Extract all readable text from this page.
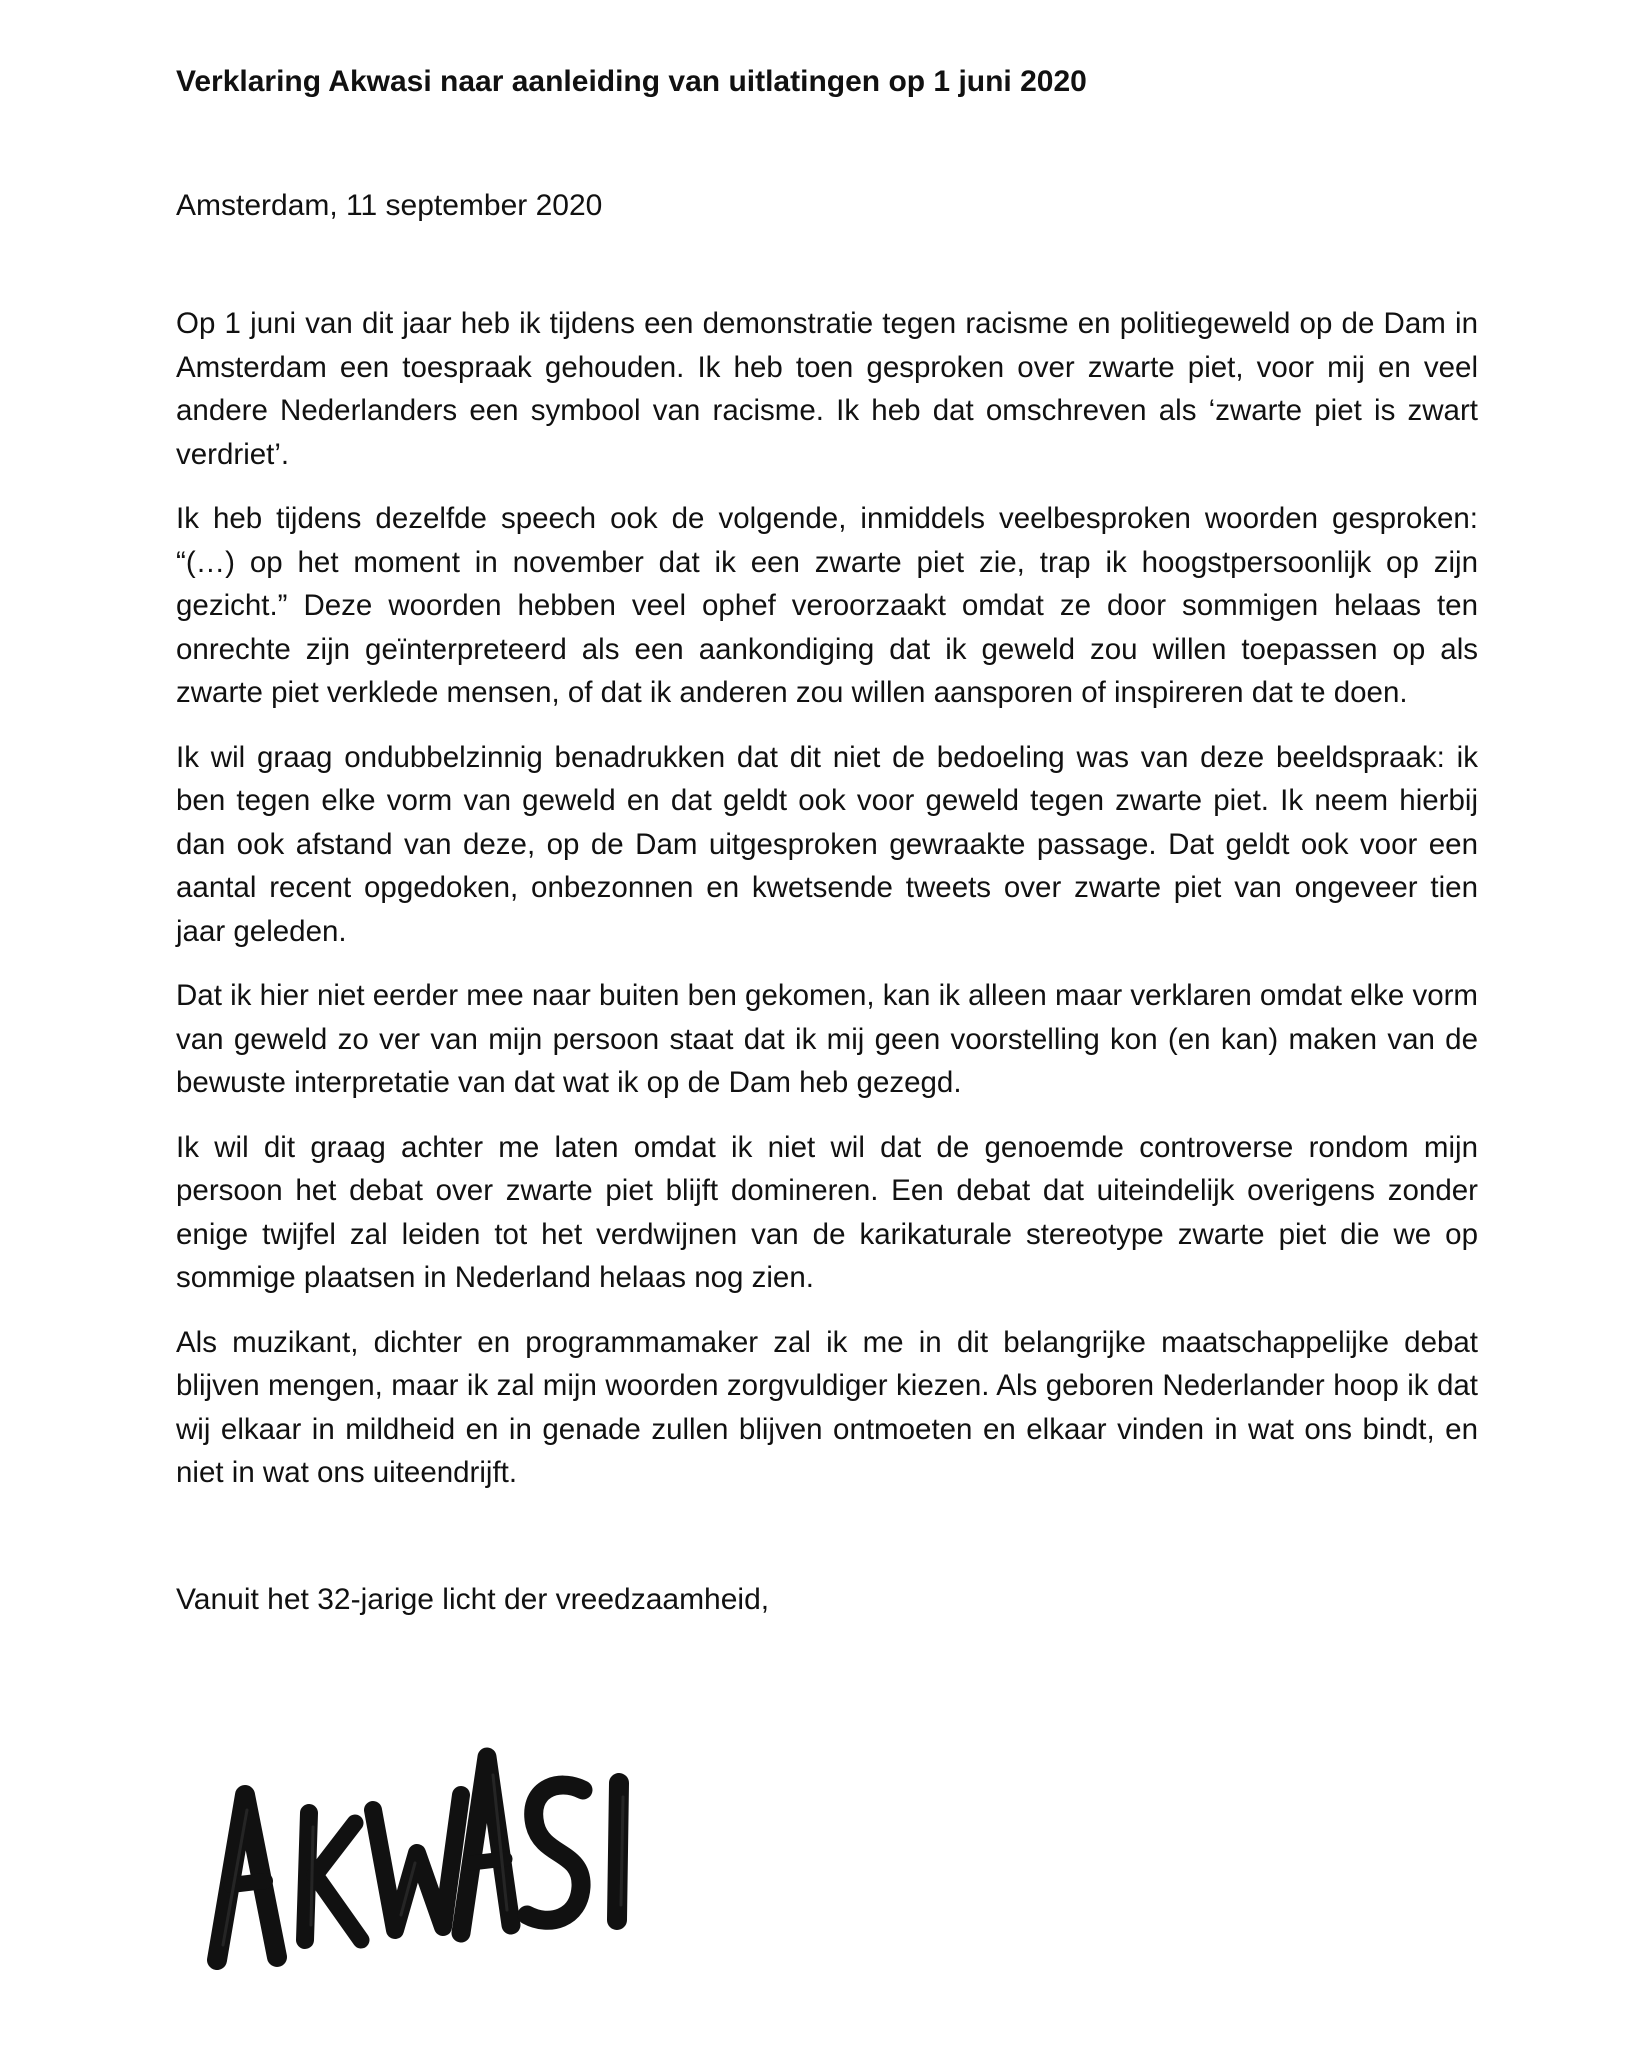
Verklaring Akwasi naar aanleiding van uitlatingen op 1 juni 2020

Amsterdam, 11 september 2020

Op 1 juni van dit jaar heb ik tijdens een demonstratie tegen racisme en politiegeweld op de Dam in Amsterdam een toespraak gehouden. Ik heb toen gesproken over zwarte piet, voor mij en veel andere Nederlanders een symbool van racisme. Ik heb dat omschreven als ‘zwarte piet is zwart verdriet’.

Ik heb tijdens dezelfde speech ook de volgende, inmiddels veelbesproken woorden gesproken: “(…) op het moment in november dat ik een zwarte piet zie, trap ik hoogstpersoonlijk op zijn gezicht.” Deze woorden hebben veel ophef veroorzaakt omdat ze door sommigen helaas ten onrechte zijn geïnterpreteerd als een aankondiging dat ik geweld zou willen toepassen op als zwarte piet verklede mensen, of dat ik anderen zou willen aansporen of inspireren dat te doen.

Ik wil graag ondubbelzinnig benadrukken dat dit niet de bedoeling was van deze beeldspraak: ik ben tegen elke vorm van geweld en dat geldt ook voor geweld tegen zwarte piet. Ik neem hierbij dan ook afstand van deze, op de Dam uitgesproken gewraakte passage. Dat geldt ook voor een aantal recent opgedoken, onbezonnen en kwetsende tweets over zwarte piet van ongeveer tien jaar geleden.

Dat ik hier niet eerder mee naar buiten ben gekomen, kan ik alleen maar verklaren omdat elke vorm van geweld zo ver van mijn persoon staat dat ik mij geen voorstelling kon (en kan) maken van de bewuste interpretatie van dat wat ik op de Dam heb gezegd.

Ik wil dit graag achter me laten omdat ik niet wil dat de genoemde controverse rondom mijn persoon het debat over zwarte piet blijft domineren. Een debat dat uiteindelijk overigens zonder enige twijfel zal leiden tot het verdwijnen van de karikaturale stereotype zwarte piet die we op sommige plaatsen in Nederland helaas nog zien.

Als muzikant, dichter en programmamaker zal ik me in dit belangrijke maatschappelijke debat blijven mengen, maar ik zal mijn woorden zorgvuldiger kiezen. Als geboren Nederlander hoop ik dat wij elkaar in mildheid en in genade zullen blijven ontmoeten en elkaar vinden in wat ons bindt, en niet in wat ons uiteendrijft.

Vanuit het 32-jarige licht der vreedzaamheid,
